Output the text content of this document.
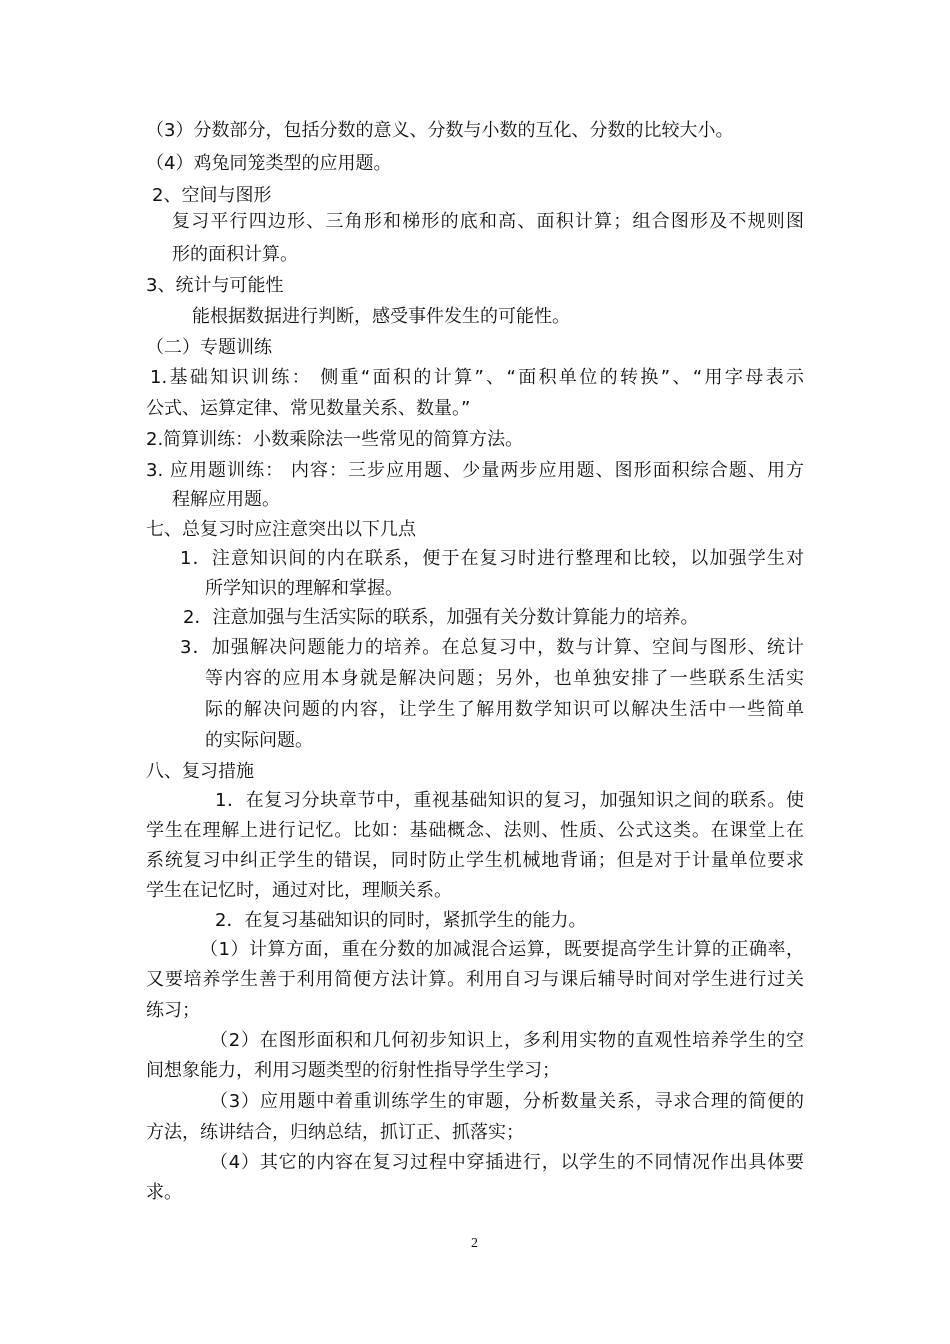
（3）分数部分，包括分数的意义、分数与小数的互化、分数的比较大小。
（4）鸡兔同笼类型的应用题。
2、空间与图形
复习平行四边形、三角形和梯形的底和高、面积计算；组合图形及不规则图
形的面积计算。
3、统计与可能性
能根据数据进行判断，感受事件发生的可能性。
（二）专题训练
1.基础知识训练： 侧重“面积的计算”、“面积单位的转换”、“用字母表示
公式、运算定律、常见数量关系、数量。”
2.简算训练：小数乘除法一些常见的简算方法。
3. 应用题训练： 内容：三步应用题、少量两步应用题、图形面积综合题、用方
程解应用题。
七、总复习时应注意突出以下几点
1．注意知识间的内在联系，便于在复习时进行整理和比较，以加强学生对
所学知识的理解和掌握。
2．注意加强与生活实际的联系，加强有关分数计算能力的培养。
3．加强解决问题能力的培养。在总复习中，数与计算、空间与图形、统计
等内容的应用本身就是解决问题；另外，也单独安排了一些联系生活实
际的解决问题的内容，让学生了解用数学知识可以解决生活中一些简单
的实际问题。
八、复习措施
1．在复习分块章节中，重视基础知识的复习，加强知识之间的联系。使
学生在理解上进行记忆。比如：基础概念、法则、性质、公式这类。在课堂上在
系统复习中纠正学生的错误，同时防止学生机械地背诵；但是对于计量单位要求
学生在记忆时，通过对比，理顺关系。
2．在复习基础知识的同时，紧抓学生的能力。
（1）计算方面，重在分数的加减混合运算，既要提高学生计算的正确率，
又要培养学生善于利用简便方法计算。利用自习与课后辅导时间对学生进行过关
练习；
（2）在图形面积和几何初步知识上，多利用实物的直观性培养学生的空
间想象能力，利用习题类型的衍射性指导学生学习；
（3）应用题中着重训练学生的审题，分析数量关系，寻求合理的简便的
方法，练讲结合，归纳总结，抓订正、抓落实；
（4）其它的内容在复习过程中穿插进行，以学生的不同情况作出具体要
求。
2
